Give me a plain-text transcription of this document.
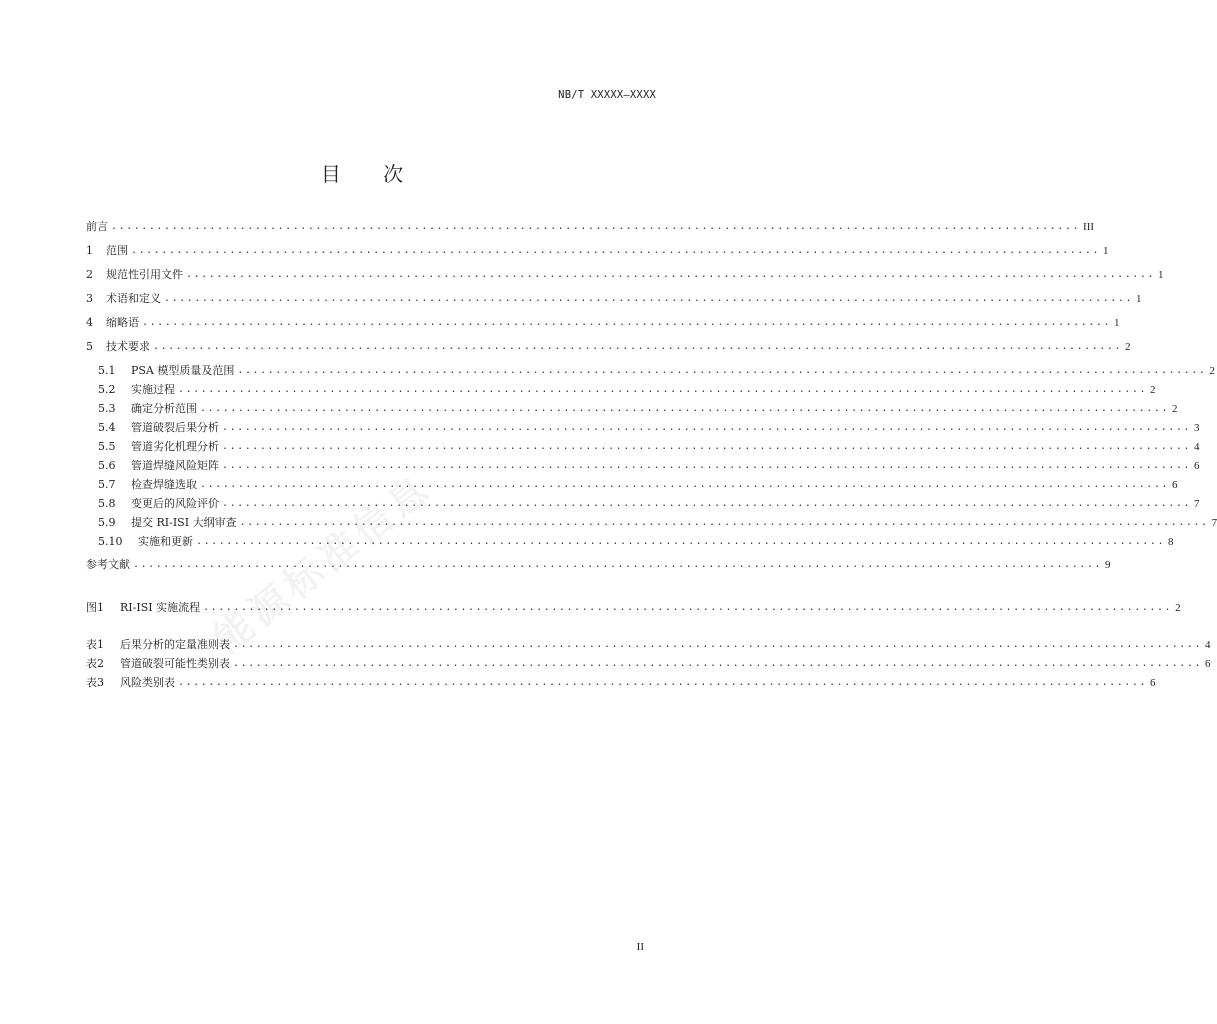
能源标准信息
NB/T XXXXX—XXXX
目 次
前言 ................................................................................................................................ III
1	范围 ................................................................................................................................ 1
2	规范性引用文件 ................................................................................................................................ 1
3	术语和定义 ................................................................................................................................ 1
4	缩略语 ................................................................................................................................ 1
5	技术要求 ................................................................................................................................ 2
5.1	PSA 模型质量及范围 ................................................................................................................................ 2
5.2	实施过程 ................................................................................................................................ 2
5.3	确定分析范围 ................................................................................................................................ 2
5.4	管道破裂后果分析 ................................................................................................................................ 3
5.5	管道劣化机理分析 ................................................................................................................................ 4
5.6	管道焊缝风险矩阵 ................................................................................................................................ 6
5.7	检查焊缝选取 ................................................................................................................................ 6
5.8	变更后的风险评价 ................................................................................................................................ 7
5.9	提交 RI-ISI 大纲审查 ................................................................................................................................ 7
5.10	实施和更新 ................................................................................................................................ 8
参考文献 ................................................................................................................................ 9
图1	RI-ISI 实施流程 ................................................................................................................................ 2
表1	后果分析的定量准则表 ................................................................................................................................ 4
表2	管道破裂可能性类别表 ................................................................................................................................ 6
表3	风险类别表 ................................................................................................................................ 6
II
